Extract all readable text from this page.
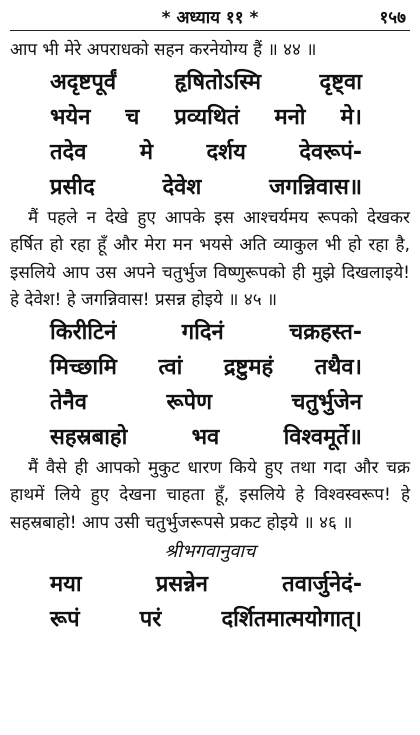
* अध्याय ११ *	१५७

आप भी मेरे अपराधको सहन करनेयोग्य हैं ॥ ४४ ॥

अदृष्टपूर्वं	हृषितोऽस्मि	दृष्ट्वा
भयेन च प्रव्यथितं मनो मे।
तदेव मे दर्शय देवरूपं-
प्रसीद	देवेश	जगन्निवास॥

मैं पहले न देखे हुए आपके इस आश्चर्यमय रूपको देखकर हर्षित हो रहा हूँ और मेरा मन भयसे अति व्याकुल भी हो रहा है, इसलिये आप उस अपने चतुर्भुज विष्णुरूपको ही मुझे दिखलाइये! हे देवेश! हे जगन्निवास! प्रसन्न होइये ॥ ४५ ॥

किरीटिनं	गदिनं	चक्रहस्त-
मिच्छामि त्वां द्रष्टुमहं तथैव।
तेनैव	रूपेण	चतुर्भुजेन
सहस्रबाहो	भव	विश्वमूर्ते॥

मैं वैसे ही आपको मुकुट धारण किये हुए तथा गदा और चक्र हाथमें लिये हुए देखना चाहता हूँ, इसलिये हे विश्वस्वरूप! हे सहस्रबाहो! आप उसी चतुर्भुजरूपसे प्रकट होइये ॥ ४६ ॥

श्रीभगवानुवाच

मया	प्रसन्नेन	तवार्जुनेदं-
रूपं	परं	दर्शितमात्मयोगात्।
